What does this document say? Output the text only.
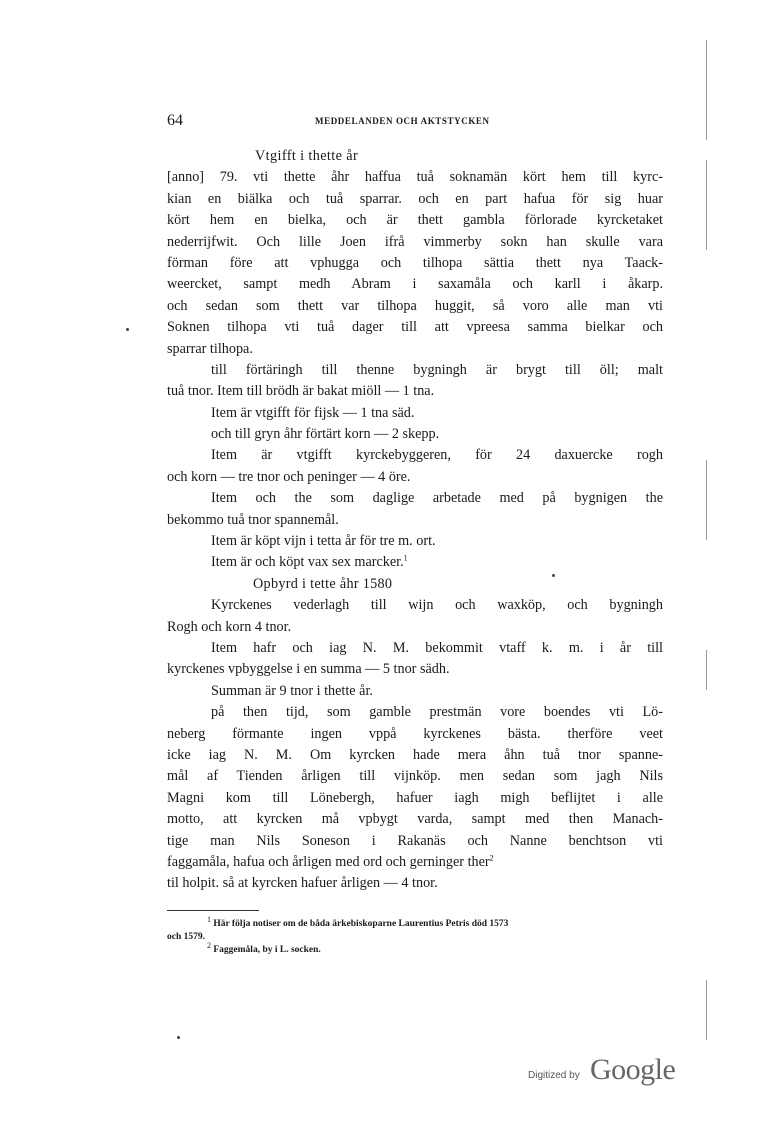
64	MEDDELANDEN OCH AKTSTYCKEN
Vtgifft i thette år
[anno] 79. vti thette åhr haffua tuå soknamän kört hem till kyrc-
kian en biälka och tuå sparrar. och en part hafua för sig huar
kört hem en bielka, och är thett gambla förlorade kyrcketaket
nederrijfwit. Och lille Joen ifrå vimmerby sokn han skulle vara
förman före att vphugga och tilhopa sättia thett nya Taack-
weercket, sampt medh Abram i saxamåla och karll i åkarp.
och sedan som thett var tilhopa huggit, så voro alle man vti
Soknen tilhopa vti tuå dager till att vpreesa samma bielkar och
sparrar tilhopa.
till förtäringh till thenne bygningh är brygt till öll; malt
tuå tnor. Item till brödh är bakat miöll — 1 tna.
Item är vtgifft för fijsk — 1 tna säd.
och till gryn åhr förtärt korn — 2 skepp.
Item är vtgifft kyrckebyggeren, för 24 daxuercke rogh
och korn — tre tnor och peninger — 4 öre.
Item och the som daglige arbetade med på bygnigen the
bekommo tuå tnor spannemål.
Item är köpt vijn i tetta år för tre m. ort.
Item är och köpt vax sex marcker.$^1$
Opbyrd i tette åhr 1580
Kyrckenes vederlagh till wijn och waxköp, och bygningh
Rogh och korn 4 tnor.
Item hafr och iag N. M. bekommit vtaff k. m. i år till
kyrckenes vpbyggelse i en summa — 5 tnor sädh.
Summan är 9 tnor i thette år.
på then tijd, som gamble prestmän vore boendes vti Lö-
neberg förmante ingen vppå kyrckenes bästa. therföre veet
icke iag N. M. Om kyrcken hade mera åhn tuå tnor spanne-
mål af Tienden årligen till vijnköp. men sedan som jagh Nils
Magni kom till Lönebergh, hafuer iagh migh beflijtet i alle
motto, att kyrcken må vpbygt varda, sampt med then Manach-
tige man Nils Soneson i Rakanäs och Nanne benchtson vti
faggamåla, hafua och årligen med ord och gerninger ther$^2$
til holpit. så at kyrcken hafuer årligen — 4 tnor.
$^1$ Här följa notiser om de båda ärkebiskoparne Laurentius Petris död 1573
och 1579.
$^2$ Faggemåla, by i L. socken.
Digitized by Google
